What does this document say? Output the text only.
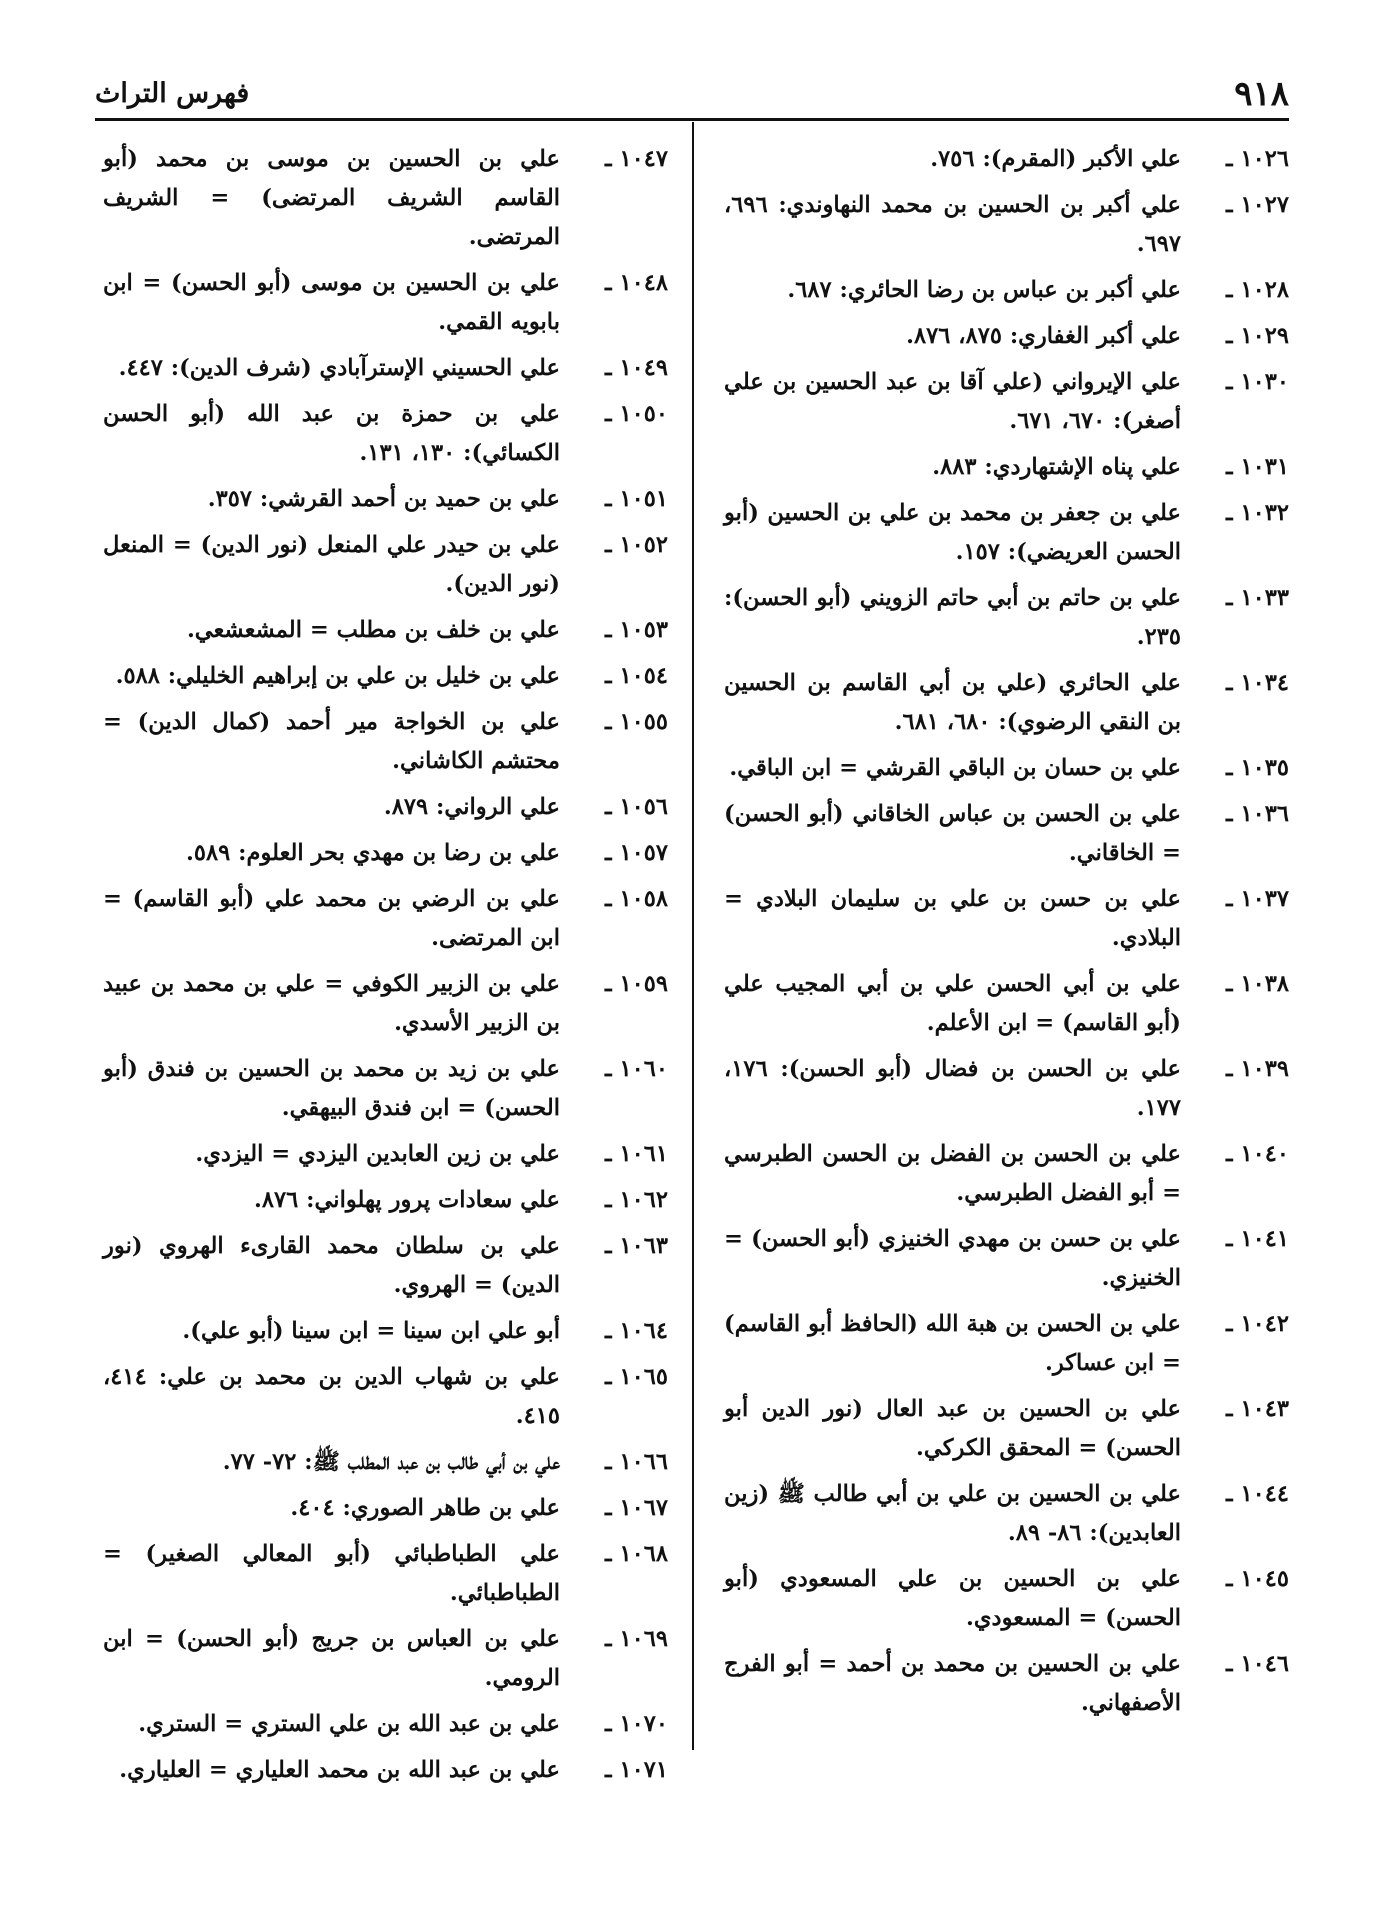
٩١٨
فهرس التراث
١٠٢٦ ـ
علي الأكبر (المقرم): ٧٥٦.
١٠٢٧ ـ
علي أكبر بن الحسين بن محمد النهاوندي: ٦٩٦، ٦٩٧.
١٠٢٨ ـ
علي أكبر بن عباس بن رضا الحائري: ٦٨٧.
١٠٢٩ ـ
علي أكبر الغفاري: ٨٧٥، ٨٧٦.
١٠٣٠ ـ
علي الإيرواني (علي آقا بن عبد الحسين بن علي أصغر): ٦٧٠، ٦٧١.
١٠٣١ ـ
علي پناه الإشتهاردي: ٨٨٣.
١٠٣٢ ـ
علي بن جعفر بن محمد بن علي بن الحسين (أبو الحسن العريضي): ١٥٧.
١٠٣٣ ـ
علي بن حاتم بن أبي حاتم الزويني (أبو الحسن): ٢٣٥.
١٠٣٤ ـ
علي الحائري (علي بن أبي القاسم بن الحسين بن النقي الرضوي): ٦٨٠، ٦٨١.
١٠٣٥ ـ
علي بن حسان بن الباقي القرشي = ابن الباقي.
١٠٣٦ ـ
علي بن الحسن بن عباس الخاقاني (أبو الحسن) = الخاقاني.
١٠٣٧ ـ
علي بن حسن بن علي بن سليمان البلادي = البلادي.
١٠٣٨ ـ
علي بن أبي الحسن علي بن أبي المجيب علي (أبو القاسم) = ابن الأعلم.
١٠٣٩ ـ
علي بن الحسن بن فضال (أبو الحسن): ١٧٦، ١٧٧.
١٠٤٠ ـ
علي بن الحسن بن الفضل بن الحسن الطبرسي = أبو الفضل الطبرسي.
١٠٤١ ـ
علي بن حسن بن مهدي الخنيزي (أبو الحسن) = الخنيزي.
١٠٤٢ ـ
علي بن الحسن بن هبة الله (الحافظ أبو القاسم) = ابن عساكر.
١٠٤٣ ـ
علي بن الحسين بن عبد العال (نور الدين أبو الحسن) = المحقق الكركي.
١٠٤٤ ـ
علي بن الحسين بن علي بن أبي طالب ﷺ (زين العابدين): ٨٦- ٨٩.
١٠٤٥ ـ
علي بن الحسين بن علي المسعودي (أبو الحسن) = المسعودي.
١٠٤٦ ـ
علي بن الحسين بن محمد بن أحمد = أبو الفرج الأصفهاني.
١٠٤٧ ـ
علي بن الحسين بن موسى بن محمد (أبو القاسم الشريف المرتضى) = الشريف المرتضى.
١٠٤٨ ـ
علي بن الحسين بن موسى (أبو الحسن) = ابن بابويه القمي.
١٠٤٩ ـ
علي الحسيني الإسترآبادي (شرف الدين): ٤٤٧.
١٠٥٠ ـ
علي بن حمزة بن عبد الله (أبو الحسن الكسائي): ١٣٠، ١٣١.
١٠٥١ ـ
علي بن حميد بن أحمد القرشي: ٣٥٧.
١٠٥٢ ـ
علي بن حيدر علي المنعل (نور الدين) = المنعل (نور الدين).
١٠٥٣ ـ
علي بن خلف بن مطلب = المشعشعي.
١٠٥٤ ـ
علي بن خليل بن علي بن إبراهيم الخليلي: ٥٨٨.
١٠٥٥ ـ
علي بن الخواجة مير أحمد (كمال الدين) = محتشم الكاشاني.
١٠٥٦ ـ
علي الرواني: ٨٧٩.
١٠٥٧ ـ
علي بن رضا بن مهدي بحر العلوم: ٥٨٩.
١٠٥٨ ـ
علي بن الرضي بن محمد علي (أبو القاسم) = ابن المرتضى.
١٠٥٩ ـ
علي بن الزبير الكوفي = علي بن محمد بن عبيد بن الزبير الأسدي.
١٠٦٠ ـ
علي بن زيد بن محمد بن الحسين بن فندق (أبو الحسن) = ابن فندق البيهقي.
١٠٦١ ـ
علي بن زين العابدين اليزدي = اليزدي.
١٠٦٢ ـ
علي سعادات پرور پهلواني: ٨٧٦.
١٠٦٣ ـ
علي بن سلطان محمد القارىء الهروي (نور الدين) = الهروي.
١٠٦٤ ـ
أبو علي ابن سينا = ابن سينا (أبو علي).
١٠٦٥ ـ
علي بن شهاب الدين بن محمد بن علي: ٤١٤، ٤١٥.
١٠٦٦ ـ
علي بن أبي طالب بن عبد المطلب ﷺ: ٧٢- ٧٧.
١٠٦٧ ـ
علي بن طاهر الصوري: ٤٠٤.
١٠٦٨ ـ
علي الطباطبائي (أبو المعالي الصغير) = الطباطبائي.
١٠٦٩ ـ
علي بن العباس بن جريج (أبو الحسن) = ابن الرومي.
١٠٧٠ ـ
علي بن عبد الله بن علي الستري = الستري.
١٠٧١ ـ
علي بن عبد الله بن محمد العلياري = العلياري.
